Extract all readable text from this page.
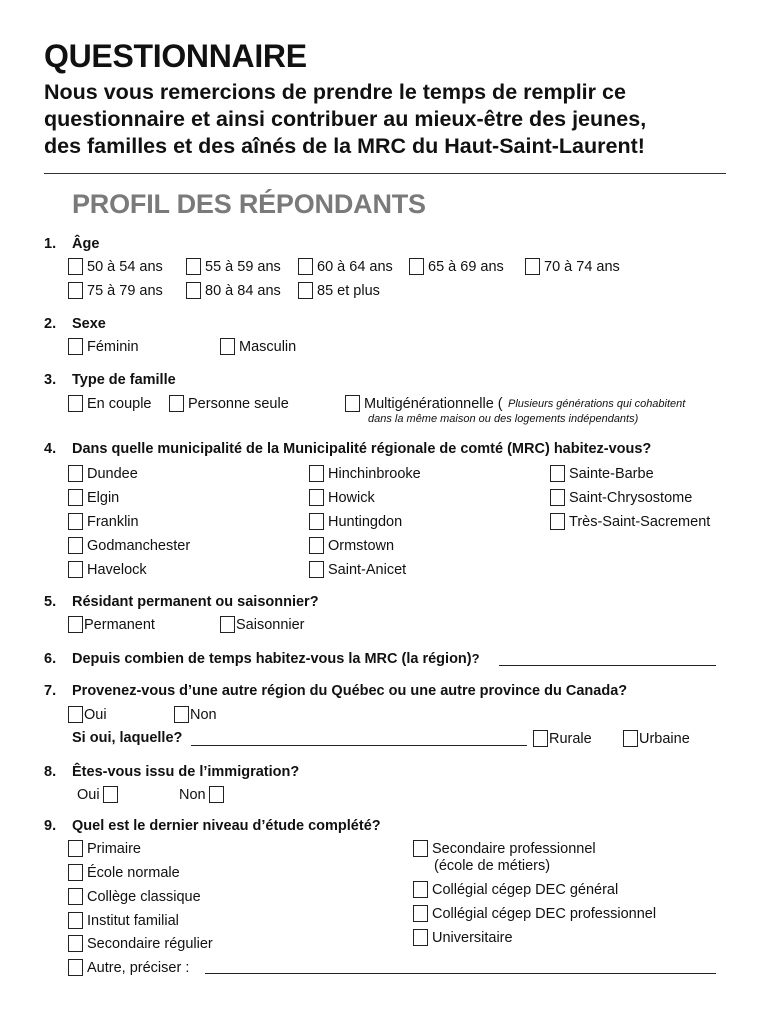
QUESTIONNAIRE
Nous vous remercions de prendre le temps de remplir ce
questionnaire et ainsi contribuer au mieux-être des jeunes,
des familles et des aînés de la MRC du Haut-Saint-Laurent!
PROFIL DES RÉPONDANTS
1. Âge
50 à 54 ans	55 à 59 ans 60 à 64 ans 65 à 69 ans	70 à 74 ans
75 à 79 ans	80 à 84 ans 85 et plus
2. Sexe
Féminin	Masculin
3. Type de famille
En couple	Personne seule	Multigénérationnelle ( Plusieurs générations qui cohabitent
dans la même maison ou des logements indépendants)
4. Dans quelle municipalité de la Municipalité régionale de comté (MRC) habitez-vous?
Dundee
Elgin
Franklin
Godmanchester
Havelock
Hinchinbrooke
Howick
Huntingdon
Ormstown
Saint-Anicet
Sainte-Barbe
Saint-Chrysostome
Très-Saint-Sacrement
5. Résidant permanent ou saisonnier?
Permanent	Saisonnier
6. Depuis combien de temps habitez-vous la MRC (la région)?
7. Provenez-vous d’une autre région du Québec ou une autre province du Canada?
Oui	Non
Si oui, laquelle?	Rurale	Urbaine
8. Êtes-vous issu de l’immigration?
Oui	Non
9. Quel est le dernier niveau d’étude complété?
Primaire
École normale
Collège classique
Institut familial
Secondaire régulier
Autre, préciser :
Secondaire professionnel
(école de métiers)
Collégial cégep DEC général
Collégial cégep DEC professionnel
Universitaire
